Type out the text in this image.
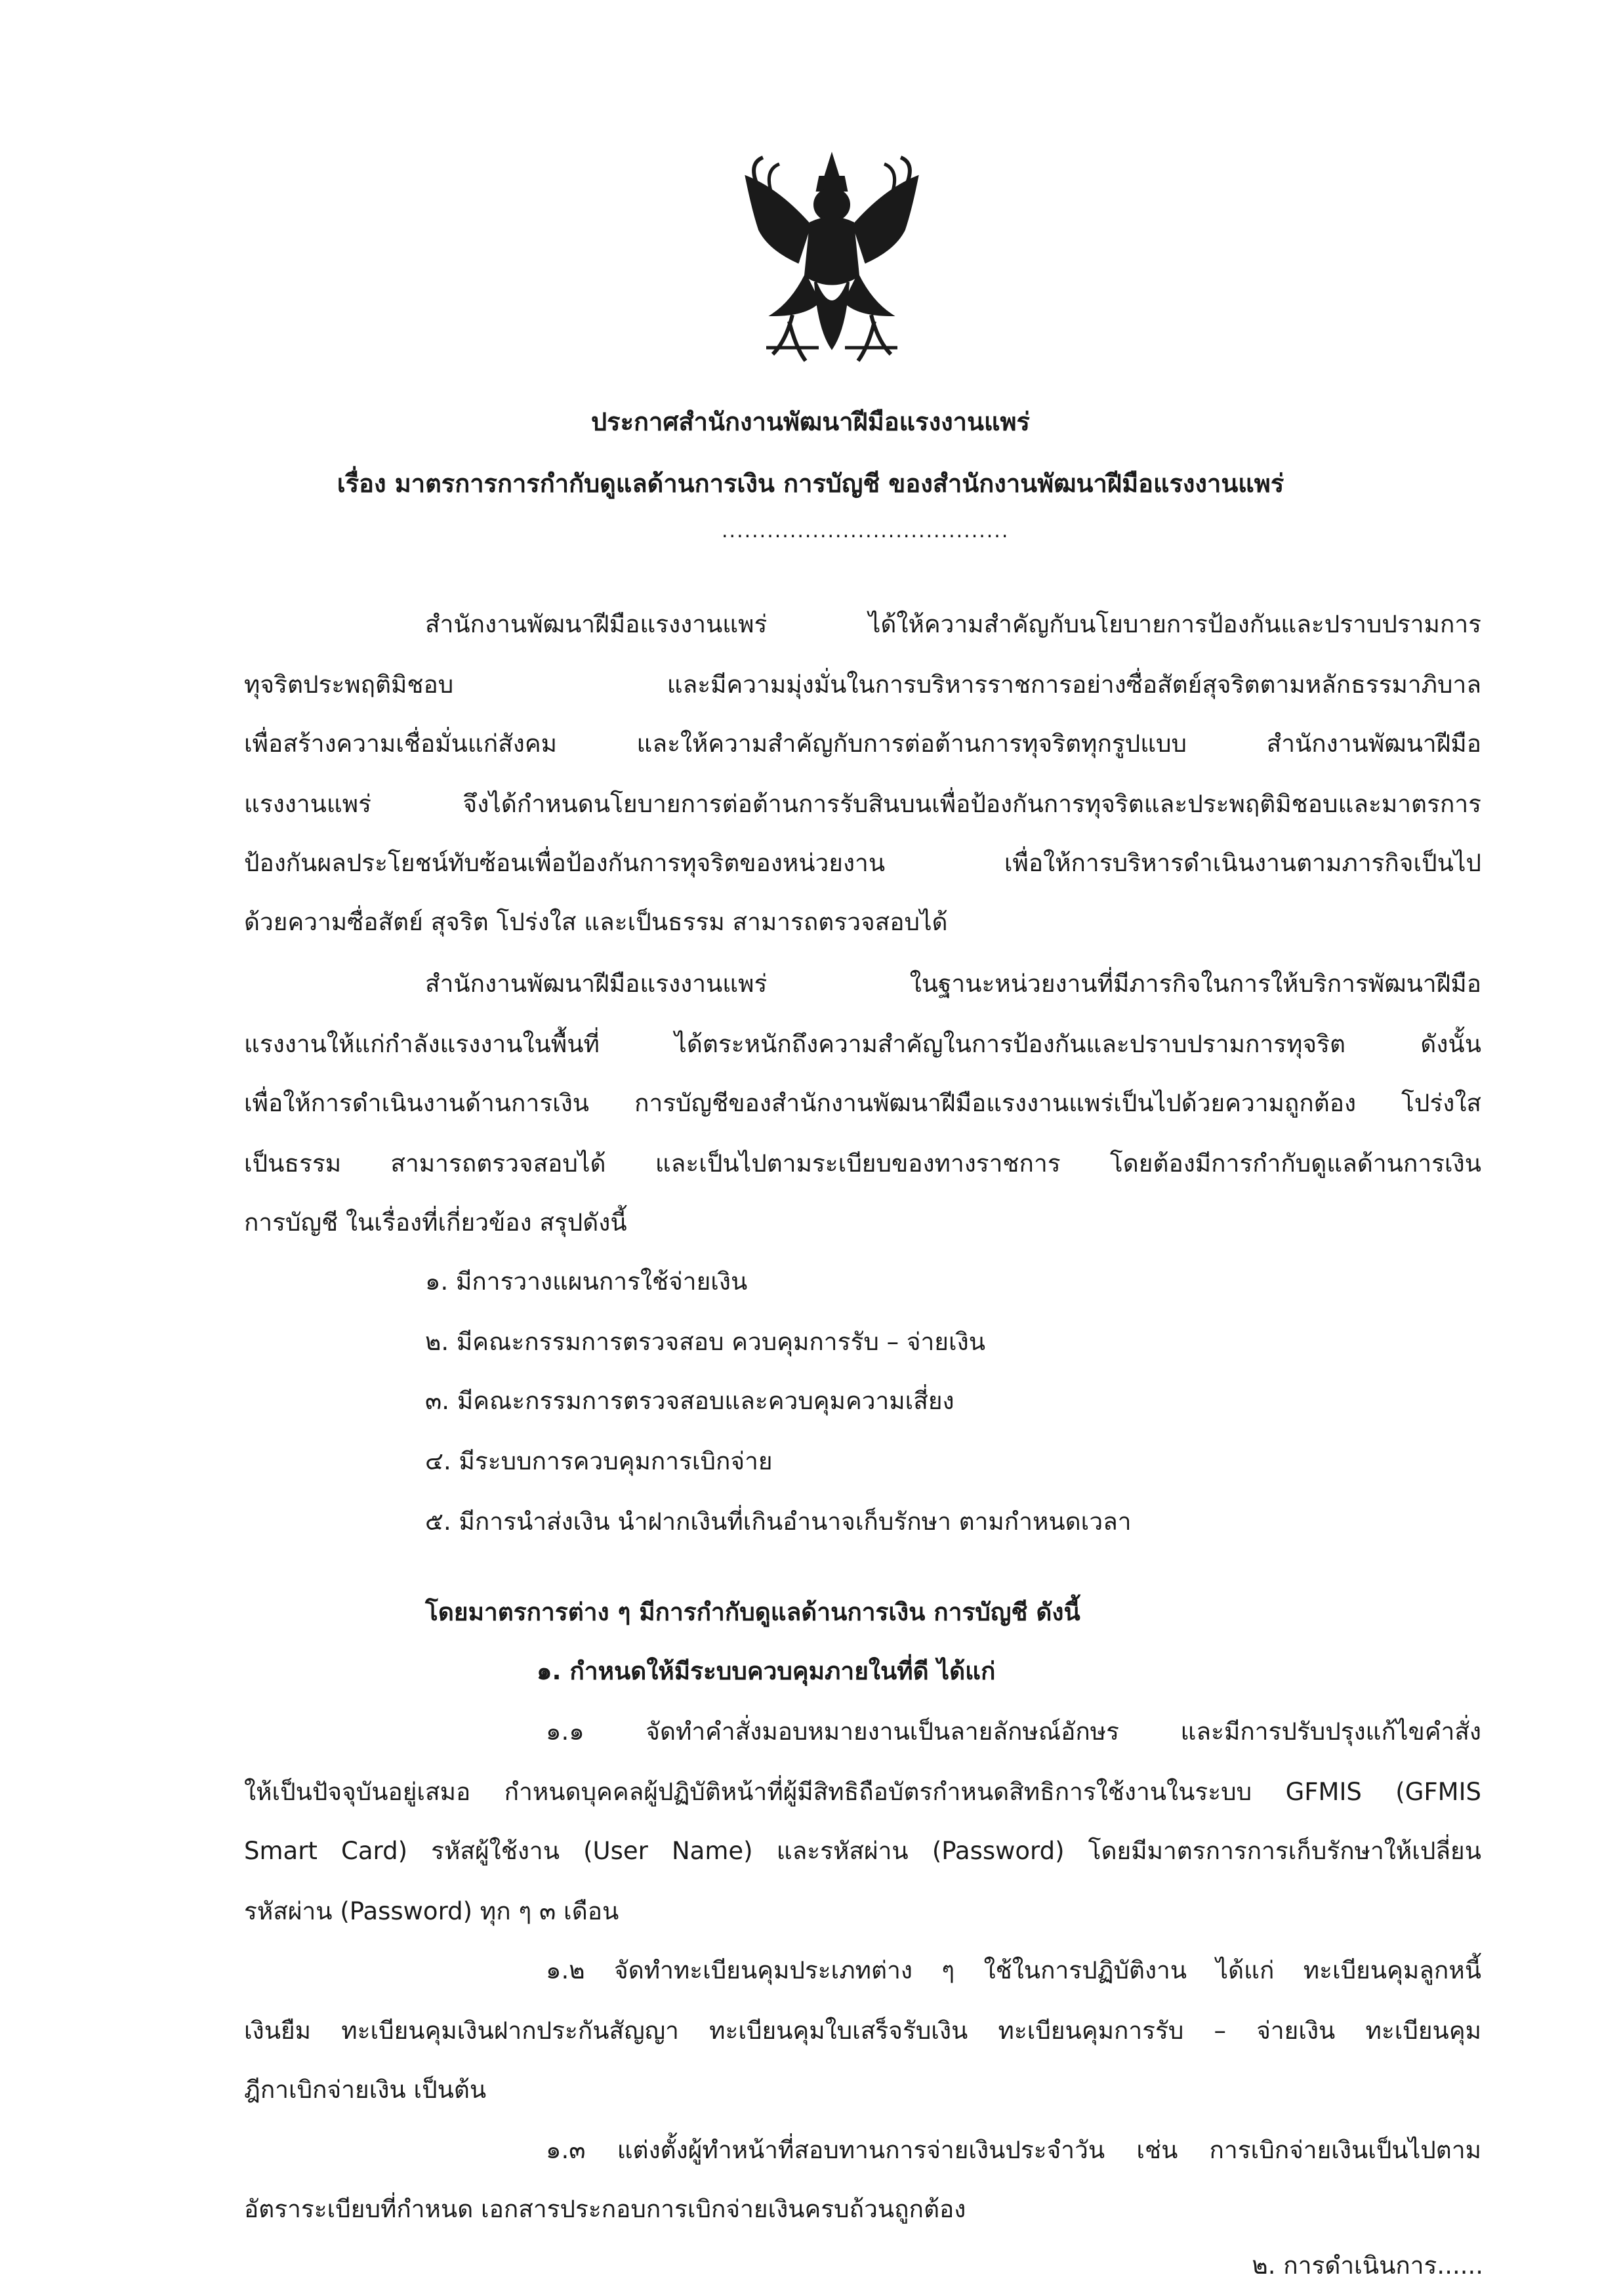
ประกาศสำนักงานพัฒนาฝีมือแรงงานแพร่
เรื่อง มาตรการการกำกับดูแลด้านการเงิน การบัญชี ของสำนักงานพัฒนาฝีมือแรงงานแพร่
......................................
สำนักงานพัฒนาฝีมือแรงงานแพร่ ได้ให้ความสำคัญกับนโยบายการป้องกันและปราบปรามการ
ทุจริตประพฤติมิชอบ และมีความมุ่งมั่นในการบริหารราชการอย่างซื่อสัตย์สุจริตตามหลักธรรมาภิบาล
เพื่อสร้างความเชื่อมั่นแก่สังคม และให้ความสำคัญกับการต่อต้านการทุจริตทุกรูปแบบ สำนักงานพัฒนาฝีมือ
แรงงานแพร่ จึงได้กำหนดนโยบายการต่อต้านการรับสินบนเพื่อป้องกันการทุจริตและประพฤติมิชอบและมาตรการ
ป้องกันผลประโยชน์ทับซ้อนเพื่อป้องกันการทุจริตของหน่วยงาน เพื่อให้การบริหารดำเนินงานตามภารกิจเป็นไป
ด้วยความซื่อสัตย์ สุจริต โปร่งใส และเป็นธรรม สามารถตรวจสอบได้
สำนักงานพัฒนาฝีมือแรงงานแพร่ ในฐานะหน่วยงานที่มีภารกิจในการให้บริการพัฒนาฝีมือ
แรงงานให้แก่กำลังแรงงานในพื้นที่ ได้ตระหนักถึงความสำคัญในการป้องกันและปราบปรามการทุจริต ดังนั้น
เพื่อให้การดำเนินงานด้านการเงิน การบัญชีของสำนักงานพัฒนาฝีมือแรงงานแพร่เป็นไปด้วยความถูกต้อง โปร่งใส
เป็นธรรม สามารถตรวจสอบได้ และเป็นไปตามระเบียบของทางราชการ โดยต้องมีการกำกับดูแลด้านการเงิน
การบัญชี ในเรื่องที่เกี่ยวข้อง สรุปดังนี้
๑. มีการวางแผนการใช้จ่ายเงิน
๒. มีคณะกรรมการตรวจสอบ ควบคุมการรับ – จ่ายเงิน
๓. มีคณะกรรมการตรวจสอบและควบคุมความเสี่ยง
๔. มีระบบการควบคุมการเบิกจ่าย
๕. มีการนำส่งเงิน นำฝากเงินที่เกินอำนาจเก็บรักษา ตามกำหนดเวลา
โดยมาตรการต่าง ๆ มีการกำกับดูแลด้านการเงิน การบัญชี ดังนี้
๑. กำหนดให้มีระบบควบคุมภายในที่ดี ได้แก่
๑.๑ จัดทำคำสั่งมอบหมายงานเป็นลายลักษณ์อักษร และมีการปรับปรุงแก้ไขคำสั่ง
ให้เป็นปัจจุบันอยู่เสมอ กำหนดบุคคลผู้ปฏิบัติหน้าที่ผู้มีสิทธิถือบัตรกำหนดสิทธิการใช้งานในระบบ GFMIS (GFMIS
Smart Card) รหัสผู้ใช้งาน (User Name) และรหัสผ่าน (Password) โดยมีมาตรการการเก็บรักษาให้เปลี่ยน
รหัสผ่าน (Password) ทุก ๆ ๓ เดือน
๑.๒ จัดทำทะเบียนคุมประเภทต่าง ๆ ใช้ในการปฏิบัติงาน ได้แก่ ทะเบียนคุมลูกหนี้
เงินยืม ทะเบียนคุมเงินฝากประกันสัญญา ทะเบียนคุมใบเสร็จรับเงิน ทะเบียนคุมการรับ – จ่ายเงิน ทะเบียนคุม
ฎีกาเบิกจ่ายเงิน เป็นต้น
๑.๓ แต่งตั้งผู้ทำหน้าที่สอบทานการจ่ายเงินประจำวัน เช่น การเบิกจ่ายเงินเป็นไปตาม
อัตราระเบียบที่กำหนด เอกสารประกอบการเบิกจ่ายเงินครบถ้วนถูกต้อง
๒. การดำเนินการ......
